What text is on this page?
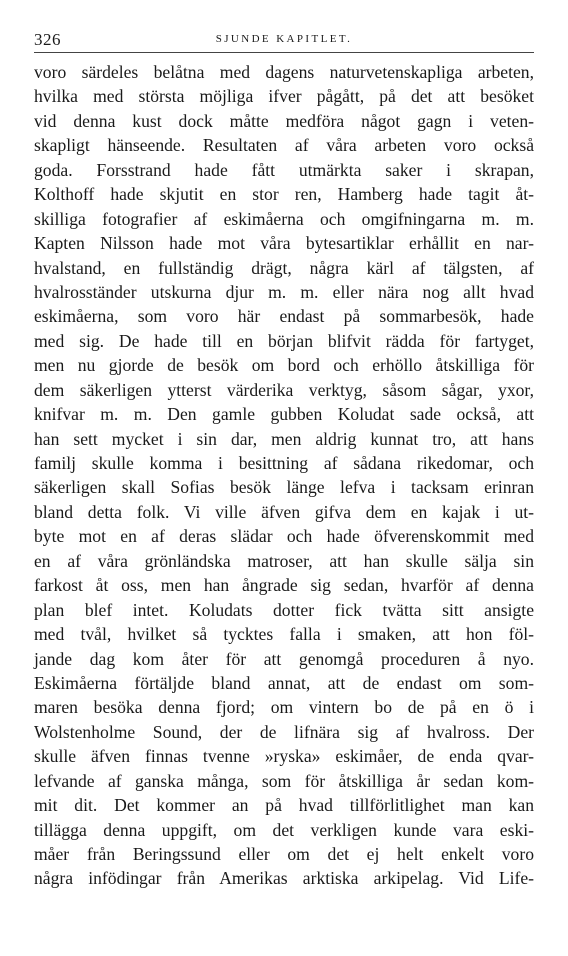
326	SJUNDE KAPITLET.
voro särdeles belåtna med dagens naturvetenskapliga arbeten,
hvilka med största möjliga ifver pågått, på det att besöket
vid denna kust dock måtte medföra något gagn i veten-
skapligt hänseende. Resultaten af våra arbeten voro också
goda. Forsstrand hade fått utmärkta saker i skrapan,
Kolthoff hade skjutit en stor ren, Hamberg hade tagit åt-
skilliga fotografier af eskimåerna och omgifningarna m. m.
Kapten Nilsson hade mot våra bytesartiklar erhållit en nar-
hvalstand, en fullständig drägt, några kärl af tälgsten, af
hvalrosständer utskurna djur m. m. eller nära nog allt hvad
eskimåerna, som voro här endast på sommarbesök, hade
med sig. De hade till en början blifvit rädda för fartyget,
men nu gjorde de besök om bord och erhöllo åtskilliga för
dem säkerligen ytterst värderika verktyg, såsom sågar, yxor,
knifvar m. m. Den gamle gubben Koludat sade också, att
han sett mycket i sin dar, men aldrig kunnat tro, att hans
familj skulle komma i besittning af sådana rikedomar, och
säkerligen skall Sofias besök länge lefva i tacksam erinran
bland detta folk. Vi ville äfven gifva dem en kajak i ut-
byte mot en af deras slädar och hade öfverenskommit med
en af våra grönländska matroser, att han skulle sälja sin
farkost åt oss, men han ångrade sig sedan, hvarför af denna
plan blef intet. Koludats dotter fick tvätta sitt ansigte
med tvål, hvilket så tycktes falla i smaken, att hon föl-
jande dag kom åter för att genomgå proceduren å nyo.
Eskimåerna förtäljde bland annat, att de endast om som-
maren besöka denna fjord; om vintern bo de på en ö i
Wolstenholme Sound, der de lifnära sig af hvalross. Der
skulle äfven finnas tvenne »ryska» eskimåer, de enda qvar-
lefvande af ganska många, som för åtskilliga år sedan kom-
mit dit. Det kommer an på hvad tillförlitlighet man kan
tillägga denna uppgift, om det verkligen kunde vara eski-
måer från Beringssund eller om det ej helt enkelt voro
några infödingar från Amerikas arktiska arkipelag. Vid Life-
